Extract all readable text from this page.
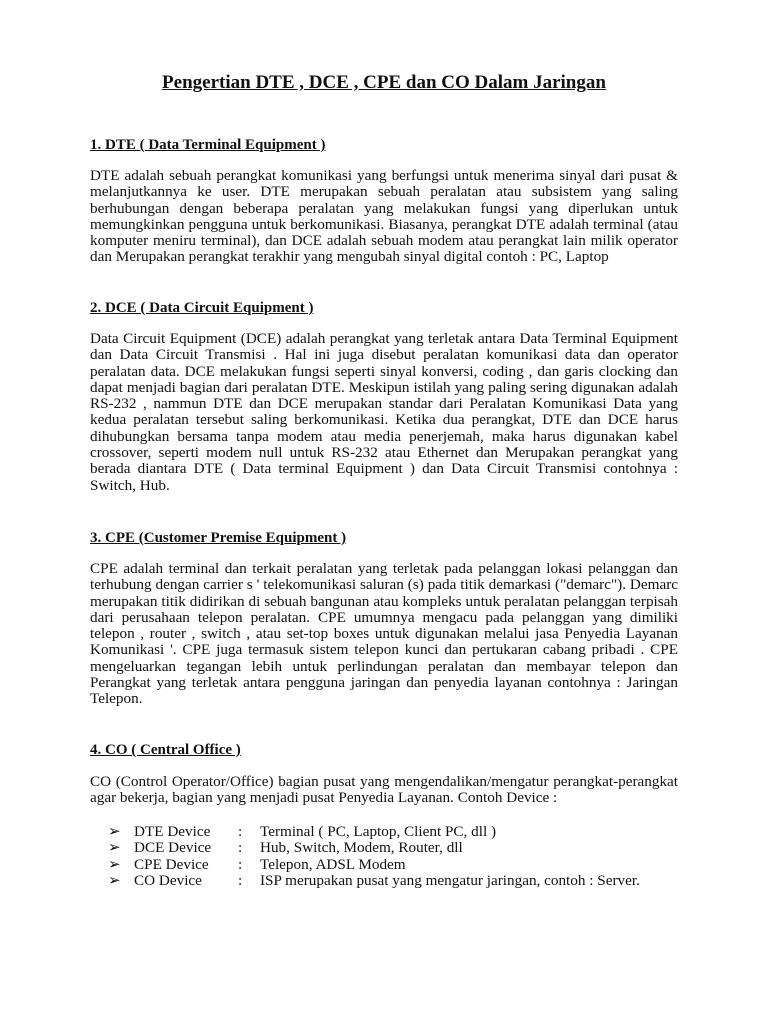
Pengertian DTE , DCE , CPE dan CO Dalam Jaringan
1. DTE ( Data Terminal Equipment )

DTE adalah sebuah perangkat komunikasi yang berfungsi untuk menerima sinyal dari pusat & melanjutkannya ke user. DTE merupakan sebuah peralatan atau subsistem yang saling berhubungan dengan beberapa peralatan yang melakukan fungsi yang diperlukan untuk memungkinkan pengguna untuk berkomunikasi. Biasanya, perangkat DTE adalah terminal (atau komputer meniru terminal), dan DCE adalah sebuah modem atau perangkat lain milik operator dan Merupakan perangkat terakhir yang mengubah sinyal digital contoh : PC, Laptop

2. DCE ( Data Circuit Equipment )

Data Circuit Equipment (DCE) adalah perangkat yang terletak antara Data Terminal Equipment dan Data Circuit Transmisi . Hal ini juga disebut peralatan komunikasi data dan operator peralatan data. DCE melakukan fungsi seperti sinyal konversi, coding , dan garis clocking dan dapat menjadi bagian dari peralatan DTE. Meskipun istilah yang paling sering digunakan adalah RS-232 , nammun DTE dan DCE merupakan standar dari Peralatan Komunikasi Data yang kedua peralatan tersebut saling berkomunikasi. Ketika dua perangkat, DTE dan DCE harus dihubungkan bersama tanpa modem atau media penerjemah, maka harus digunakan kabel crossover, seperti modem null untuk RS-232 atau Ethernet dan Merupakan perangkat yang berada diantara DTE ( Data terminal Equipment ) dan Data Circuit Transmisi contohnya : Switch, Hub.

3. CPE (Customer Premise Equipment )

CPE adalah terminal dan terkait peralatan yang terletak pada pelanggan lokasi pelanggan dan terhubung dengan carrier s ' telekomunikasi saluran (s) pada titik demarkasi ("demarc"). Demarc merupakan titik didirikan di sebuah bangunan atau kompleks untuk peralatan pelanggan terpisah dari perusahaan telepon peralatan. CPE umumnya mengacu pada pelanggan yang dimiliki telepon , router , switch , atau set-top boxes untuk digunakan melalui jasa Penyedia Layanan Komunikasi '. CPE juga termasuk sistem telepon kunci dan pertukaran cabang pribadi . CPE mengeluarkan tegangan lebih untuk perlindungan peralatan dan membayar telepon dan Perangkat yang terletak antara pengguna jaringan dan penyedia layanan contohnya : Jaringan Telepon.

4. CO ( Central Office )

CO (Control Operator/Office) bagian pusat yang mengendalikan/mengatur perangkat-perangkat agar bekerja, bagian yang menjadi pusat Penyedia Layanan. Contoh Device :

➢ DTE Device	:	Terminal ( PC, Laptop, Client PC, dll )
➢ DCE Device	:	Hub, Switch, Modem, Router, dll
➢ CPE Device	:	Telepon, ADSL Modem
➢ CO Device	:	ISP merupakan pusat yang mengatur jaringan, contoh : Server.
